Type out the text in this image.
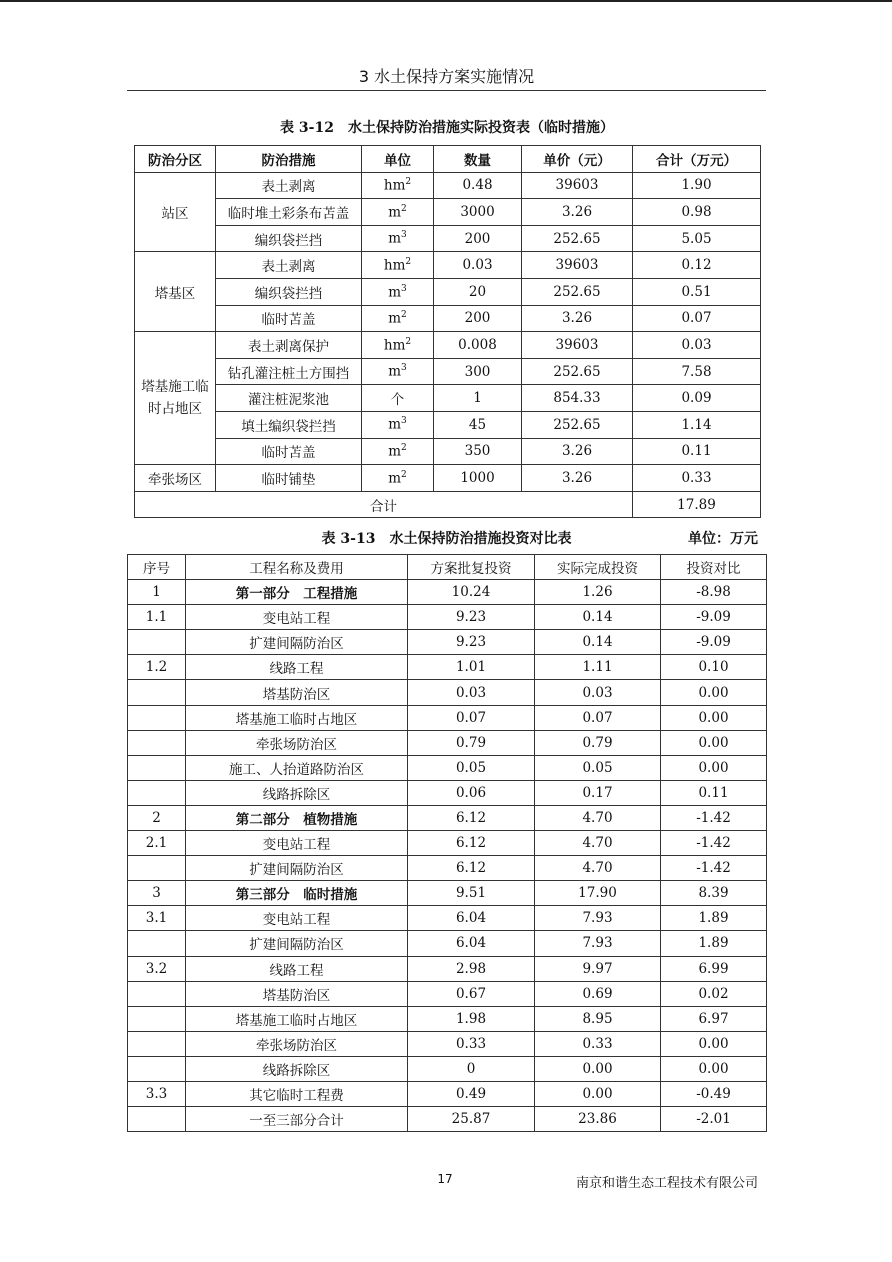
3 水土保持方案实施情况
表 3-12　水土保持防治措施实际投资表（临时措施）
防治分区	防治措施	单位	数量	单价（元）	合计（万元）
站区	表土剥离	$hm^2$	0.48	39603	1.90
	临时堆土彩条布苫盖	$m^2$	3000	3.26	0.98
	编织袋拦挡	$m^3$	200	252.65	5.05
塔基区	表土剥离	$hm^2$	0.03	39603	0.12
	编织袋拦挡	$m^3$	20	252.65	0.51
	临时苫盖	$m^2$	200	3.26	0.07
塔基施工临时占地区	表土剥离保护	$hm^2$	0.008	39603	0.03
	钻孔灌注桩土方围挡	$m^3$	300	252.65	7.58
	灌注桩泥浆池	个	1	854.33	0.09
	填土编织袋拦挡	$m^3$	45	252.65	1.14
	临时苫盖	$m^2$	350	3.26	0.11
牵张场区	临时铺垫	$m^2$	1000	3.26	0.33
合计					17.89
表 3-13　水土保持防治措施投资对比表	单位：万元
序号	工程名称及费用	方案批复投资	实际完成投资	投资对比
1	第一部分　工程措施	10.24	1.26	-8.98
1.1	变电站工程	9.23	0.14	-9.09
	扩建间隔防治区	9.23	0.14	-9.09
1.2	线路工程	1.01	1.11	0.10
	塔基防治区	0.03	0.03	0.00
	塔基施工临时占地区	0.07	0.07	0.00
	牵张场防治区	0.79	0.79	0.00
	施工、人抬道路防治区	0.05	0.05	0.00
	线路拆除区	0.06	0.17	0.11
2	第二部分　植物措施	6.12	4.70	-1.42
2.1	变电站工程	6.12	4.70	-1.42
	扩建间隔防治区	6.12	4.70	-1.42
3	第三部分　临时措施	9.51	17.90	8.39
3.1	变电站工程	6.04	7.93	1.89
	扩建间隔防治区	6.04	7.93	1.89
3.2	线路工程	2.98	9.97	6.99
	塔基防治区	0.67	0.69	0.02
	塔基施工临时占地区	1.98	8.95	6.97
	牵张场防治区	0.33	0.33	0.00
	线路拆除区	0	0.00	0.00
3.3	其它临时工程费	0.49	0.00	-0.49
	一至三部分合计	25.87	23.86	-2.01
17	南京和谐生态工程技术有限公司
